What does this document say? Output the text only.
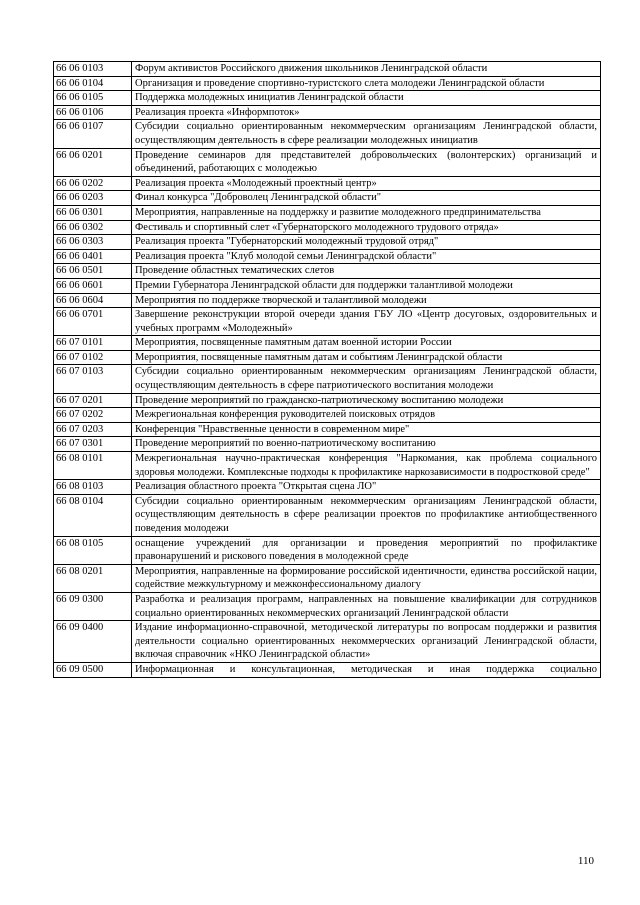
66 06 0103	Форум активистов Российского движения школьников Ленинградской области
66 06 0104	Организация и проведение спортивно-туристского слета молодежи Ленинградской области
66 06 0105	Поддержка молодежных инициатив Ленинградской области
66 06 0106	Реализация проекта «Информпоток»
66 06 0107	Субсидии социально ориентированным некоммерческим организациям Ленинградской области, осуществляющим деятельность в сфере реализации молодежных инициатив
66 06 0201	Проведение семинаров для представителей добровольческих (волонтерских) организаций и объединений, работающих с молодежью
66 06 0202	Реализация проекта «Молодежный проектный центр»
66 06 0203	Финал конкурса "Доброволец Ленинградской области"
66 06 0301	Мероприятия, направленные на поддержку и развитие молодежного предпринимательства
66 06 0302	Фестиваль и спортивный слет «Губернаторского молодежного трудового отряда»
66 06 0303	Реализация проекта "Губернаторский молодежный трудовой отряд"
66 06 0401	Реализация проекта "Клуб молодой семьи Ленинградской области"
66 06 0501	Проведение областных тематических слетов
66 06 0601	Премии Губернатора Ленинградской области для поддержки талантливой молодежи
66 06 0604	Мероприятия по поддержке творческой и талантливой молодежи
66 06 0701	Завершение реконструкции второй очереди здания ГБУ ЛО «Центр досуговых, оздоровительных и учебных программ «Молодежный»
66 07 0101	Мероприятия, посвященные памятным датам военной истории России
66 07 0102	Мероприятия, посвященные памятным датам и событиям Ленинградской области
66 07 0103	Субсидии социально ориентированным некоммерческим организациям Ленинградской области, осуществляющим деятельность в сфере патриотического воспитания молодежи
66 07 0201	Проведение мероприятий по гражданско-патриотическому воспитанию молодежи
66 07 0202	Межрегиональная конференция руководителей поисковых отрядов
66 07 0203	Конференция "Нравственные ценности в современном мире"
66 07 0301	Проведение мероприятий по военно-патриотическому воспитанию
66 08 0101	Межрегиональная научно-практическая конференция "Наркомания, как проблема социального здоровья молодежи. Комплексные подходы к профилактике наркозависимости в подростковой среде"
66 08 0103	Реализация областного проекта "Открытая сцена ЛО"
66 08 0104	Субсидии социально ориентированным некоммерческим организациям Ленинградской области, осуществляющим деятельность в сфере реализации проектов по профилактике антиобщественного поведения молодежи
66 08 0105	оснащение учреждений для организации и проведения мероприятий по профилактике правонарушений и рискового поведения в молодежной среде
66 08 0201	Мероприятия, направленные на формирование российской идентичности, единства российской нации, содействие межкультурному и межконфессиональному диалогу
66 09 0300	Разработка и реализация программ, направленных на повышение квалификации для сотрудников социально ориентированных некоммерческих организаций Ленинградской области
66 09 0400	Издание информационно-справочной, методической литературы по вопросам поддержки и развития деятельности социально ориентированных некоммерческих организаций Ленинградской области, включая справочник «НКО Ленинградской области»
66 09 0500	Информационная и консультационная, методическая и иная поддержка социально
110
